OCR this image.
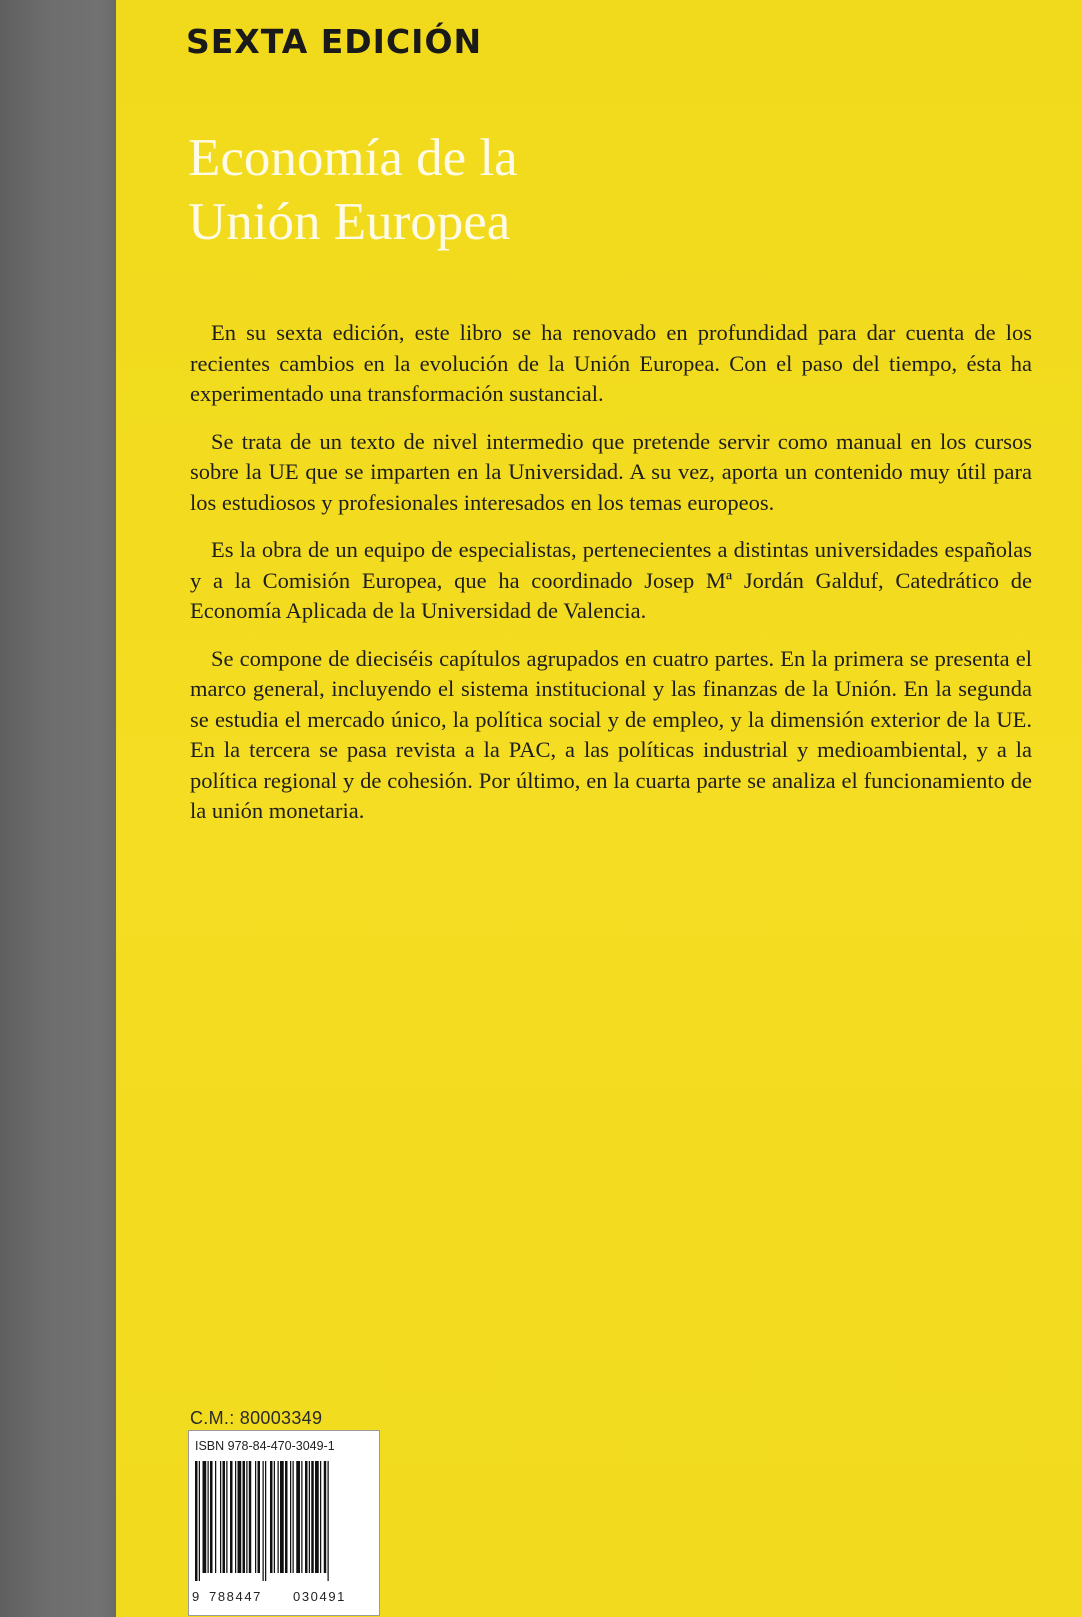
SEXTA EDICIÓN
Economía de la
Unión Europea

En su sexta edición, este libro se ha renovado en profundidad para dar cuenta de los recientes cambios en la evolución de la Unión Europea. Con el paso del tiempo, ésta ha experimentado una transformación sustancial.

Se trata de un texto de nivel intermedio que pretende servir como manual en los cursos sobre la UE que se imparten en la Universidad. A su vez, aporta un contenido muy útil para los estudiosos y profesionales interesados en los temas europeos.

Es la obra de un equipo de especialistas, pertenecientes a distintas universidades españolas y a la Comisión Europea, que ha coordinado Josep Mª Jordán Galduf, Catedrático de Economía Aplicada de la Universidad de Valencia.

Se compone de dieciséis capítulos agrupados en cuatro partes. En la primera se presenta el marco general, incluyendo el sistema institucional y las finanzas de la Unión. En la segunda se estudia el mercado único, la política social y de empleo, y la dimensión exterior de la UE. En la tercera se pasa revista a la PAC, a las políticas industrial y medioambiental, y a la política regional y de cohesión. Por último, en la cuarta parte se analiza el funcionamiento de la unión monetaria.

C.M.: 80003349
ISBN 978-84-470-3049-1
9 788447	030491
